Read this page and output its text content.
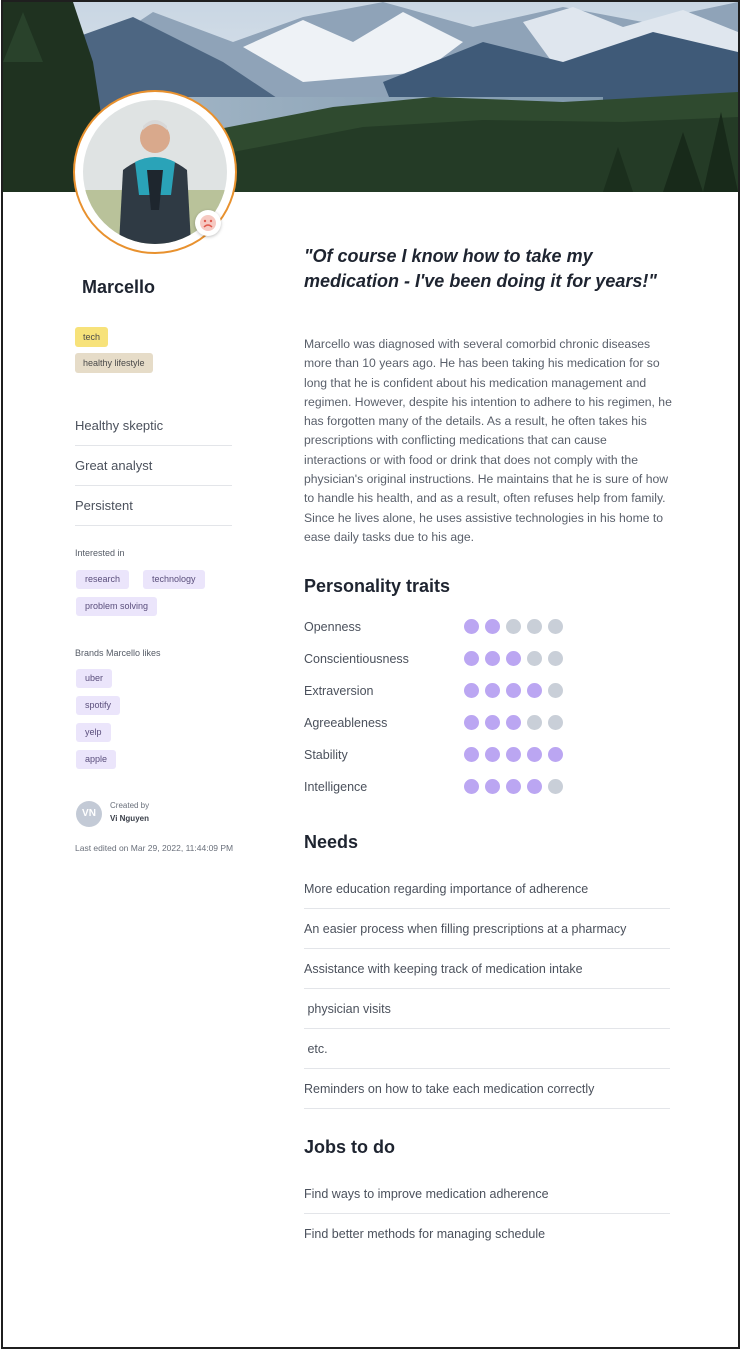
Marcello
tech
healthy lifestyle
Healthy skeptic
Great analyst
Persistent
Interested in
research	technology
problem solving
Brands Marcello likes
uber
spotify
yelp
apple
VN
Created by
Vi Nguyen
Last edited on Mar 29, 2022, 11:44:09 PM
"Of course I know how to take my medication - I've been doing it for years!"
Marcello was diagnosed with several comorbid chronic diseases more than 10 years ago. He has been taking his medication for so long that he is confident about his medication management and regimen. However, despite his intention to adhere to his regimen, he has forgotten many of the details. As a result, he often takes his prescriptions with conflicting medications that can cause interactions or with food or drink that does not comply with the physician's original instructions. He maintains that he is sure of how to handle his health, and as a result, often refuses help from family. Since he lives alone, he uses assistive technologies in his home to ease daily tasks due to his age.
Personality traits
Openness
Conscientiousness
Extraversion
Agreeableness
Stability
Intelligence
Needs
More education regarding importance of adherence
An easier process when filling prescriptions at a pharmacy
Assistance with keeping track of medication intake
physician visits
etc.
Reminders on how to take each medication correctly
Jobs to do
Find ways to improve medication adherence
Find better methods for managing schedule
